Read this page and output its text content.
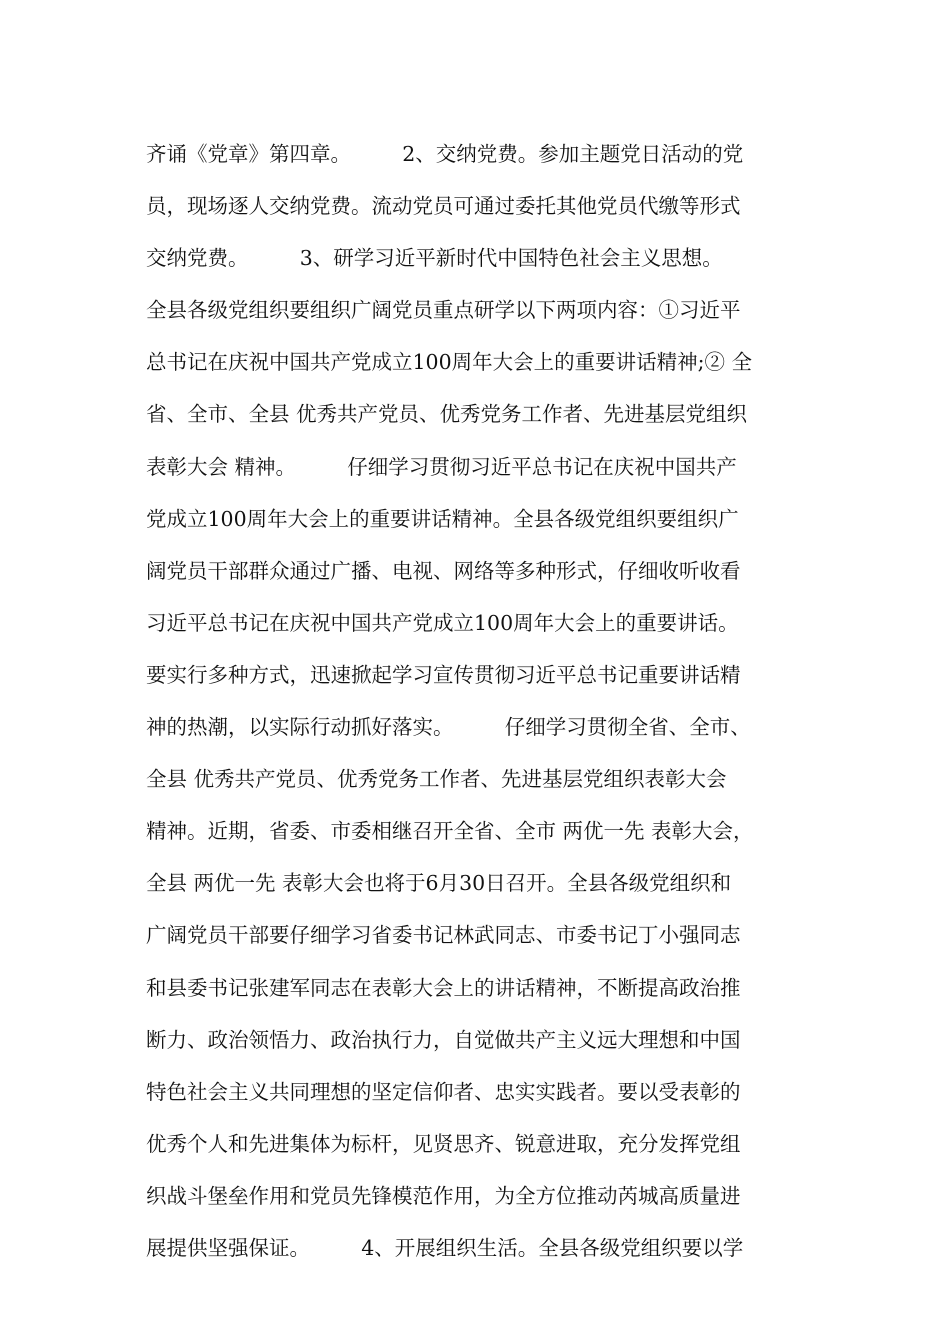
齐诵《党章》第四章。　　　2、交纳党费。参加主题党日活动的党
员，现场逐人交纳党费。流动党员可通过委托其他党员代缴等形式
交纳党费。　　　3、研学习近平新时代中国特色社会主义思想。
全县各级党组织要组织广阔党员重点研学以下两项内容：①习近平
总书记在庆祝中国共产党成立100周年大会上的重要讲话精神;② 全
省、全市、全县 优秀共产党员、优秀党务工作者、先进基层党组织
表彰大会 精神。　　　仔细学习贯彻习近平总书记在庆祝中国共产
党成立100周年大会上的重要讲话精神。全县各级党组织要组织广
阔党员干部群众通过广播、电视、网络等多种形式，仔细收听收看
习近平总书记在庆祝中国共产党成立100周年大会上的重要讲话。
要实行多种方式，迅速掀起学习宣传贯彻习近平总书记重要讲话精
神的热潮，以实际行动抓好落实。　　　仔细学习贯彻全省、全市、
全县 优秀共产党员、优秀党务工作者、先进基层党组织表彰大会
精神。近期，省委、市委相继召开全省、全市 两优一先 表彰大会，
全县 两优一先 表彰大会也将于6月30日召开。全县各级党组织和
广阔党员干部要仔细学习省委书记林武同志、市委书记丁小强同志
和县委书记张建军同志在表彰大会上的讲话精神，不断提高政治推
断力、政治领悟力、政治执行力，自觉做共产主义远大理想和中国
特色社会主义共同理想的坚定信仰者、忠实实践者。要以受表彰的
优秀个人和先进集体为标杆，见贤思齐、锐意进取，充分发挥党组
织战斗堡垒作用和党员先锋模范作用，为全方位推动芮城高质量进
展提供坚强保证。　　　4、开展组织生活。全县各级党组织要以学
